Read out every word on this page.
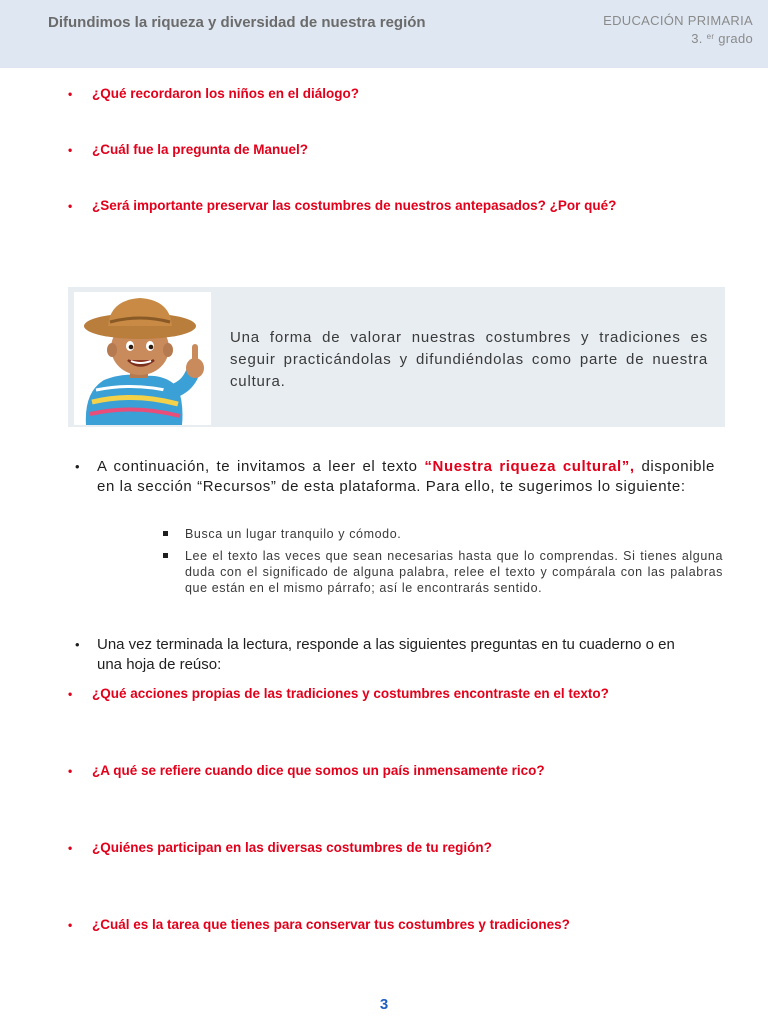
Difundimos la riqueza y diversidad de nuestra región	EDUCACIÓN PRIMARIA
3. $^{er}$ grado
• ¿Qué recordaron los niños en el diálogo?
• ¿Cuál fue la pregunta de Manuel?
• ¿Será importante preservar las costumbres de nuestros antepasados? ¿Por qué?
Una forma de valorar nuestras costumbres y tradiciones es seguir practicándolas y difundiéndolas como parte de nuestra cultura.
• A continuación, te invitamos a leer el texto “Nuestra riqueza cultural”, disponible en la sección “Recursos” de esta plataforma. Para ello, te sugerimos lo siguiente:
Busca un lugar tranquilo y cómodo.
Lee el texto las veces que sean necesarias hasta que lo comprendas. Si tienes alguna duda con el significado de alguna palabra, relee el texto y compárala con las palabras que están en el mismo párrafo; así le encontrarás sentido.
• Una vez terminada la lectura, responde a las siguientes preguntas en tu cuaderno o en una hoja de reúso:
• ¿Qué acciones propias de las tradiciones y costumbres encontraste en el texto?
• ¿A qué se refiere cuando dice que somos un país inmensamente rico?
• ¿Quiénes participan en las diversas costumbres de tu región?
• ¿Cuál es la tarea que tienes para conservar tus costumbres y tradiciones?
3
